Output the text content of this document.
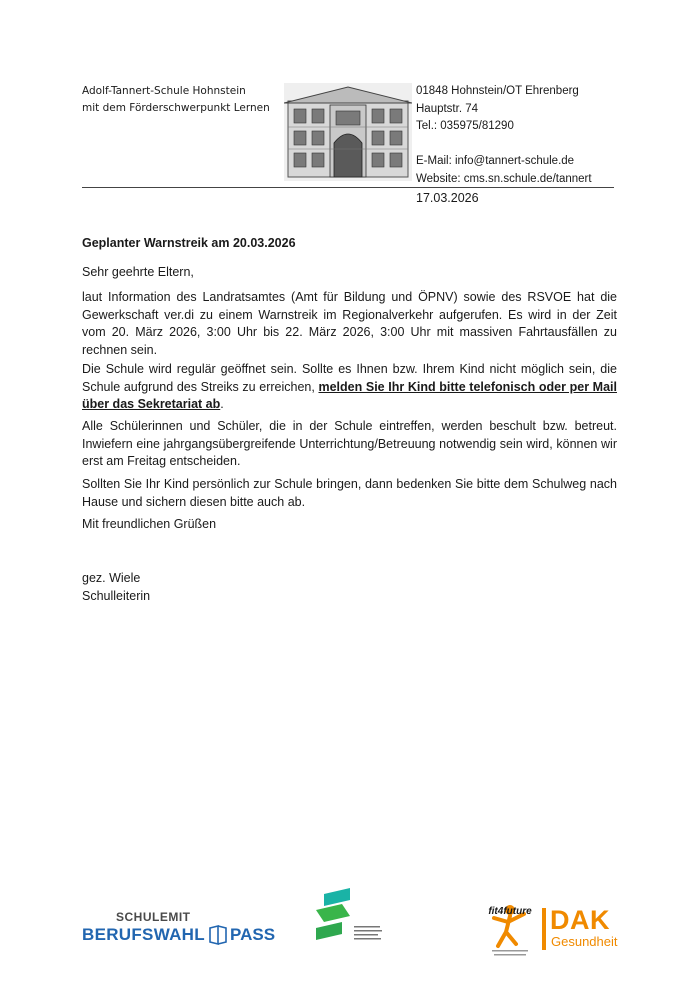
Adolf-Tannert-Schule Hohnstein
mit dem Förderschwerpunkt Lernen
01848 Hohnstein/OT Ehrenberg
Hauptstr. 74
Tel.: 035975/81290
E-Mail: info@tannert-schule.de
Website: cms.sn.schule.de/tannert
17.03.2026
Geplanter Warnstreik am 20.03.2026
Sehr geehrte Eltern,
laut Information des Landratsamtes (Amt für Bildung und ÖPNV) sowie des RSVOE hat die Gewerkschaft ver.di zu einem Warnstreik im Regionalverkehr aufgerufen. Es wird in der Zeit vom 20. März 2026, 3:00 Uhr bis 22. März 2026, 3:00 Uhr mit massiven Fahrtausfällen zu rechnen sein.
Die Schule wird regulär geöffnet sein. Sollte es Ihnen bzw. Ihrem Kind nicht möglich sein, die Schule aufgrund des Streiks zu erreichen, melden Sie Ihr Kind bitte telefonisch oder per Mail über das Sekretariat ab.
Alle Schülerinnen und Schüler, die in der Schule eintreffen, werden beschult bzw. betreut. Inwiefern eine jahrgangsübergreifende Unterrichtung/Betreuung notwendig sein wird, können wir erst am Freitag entscheiden.
Sollten Sie Ihr Kind persönlich zur Schule bringen, dann bedenken Sie bitte dem Schulweg nach Hause und sichern diesen bitte auch ab.
Mit freundlichen Grüßen
gez. Wiele
Schulleiterin
SCHULEMIT
BERUFSWAHL PASS
fit4future DAK
Gesundheit
